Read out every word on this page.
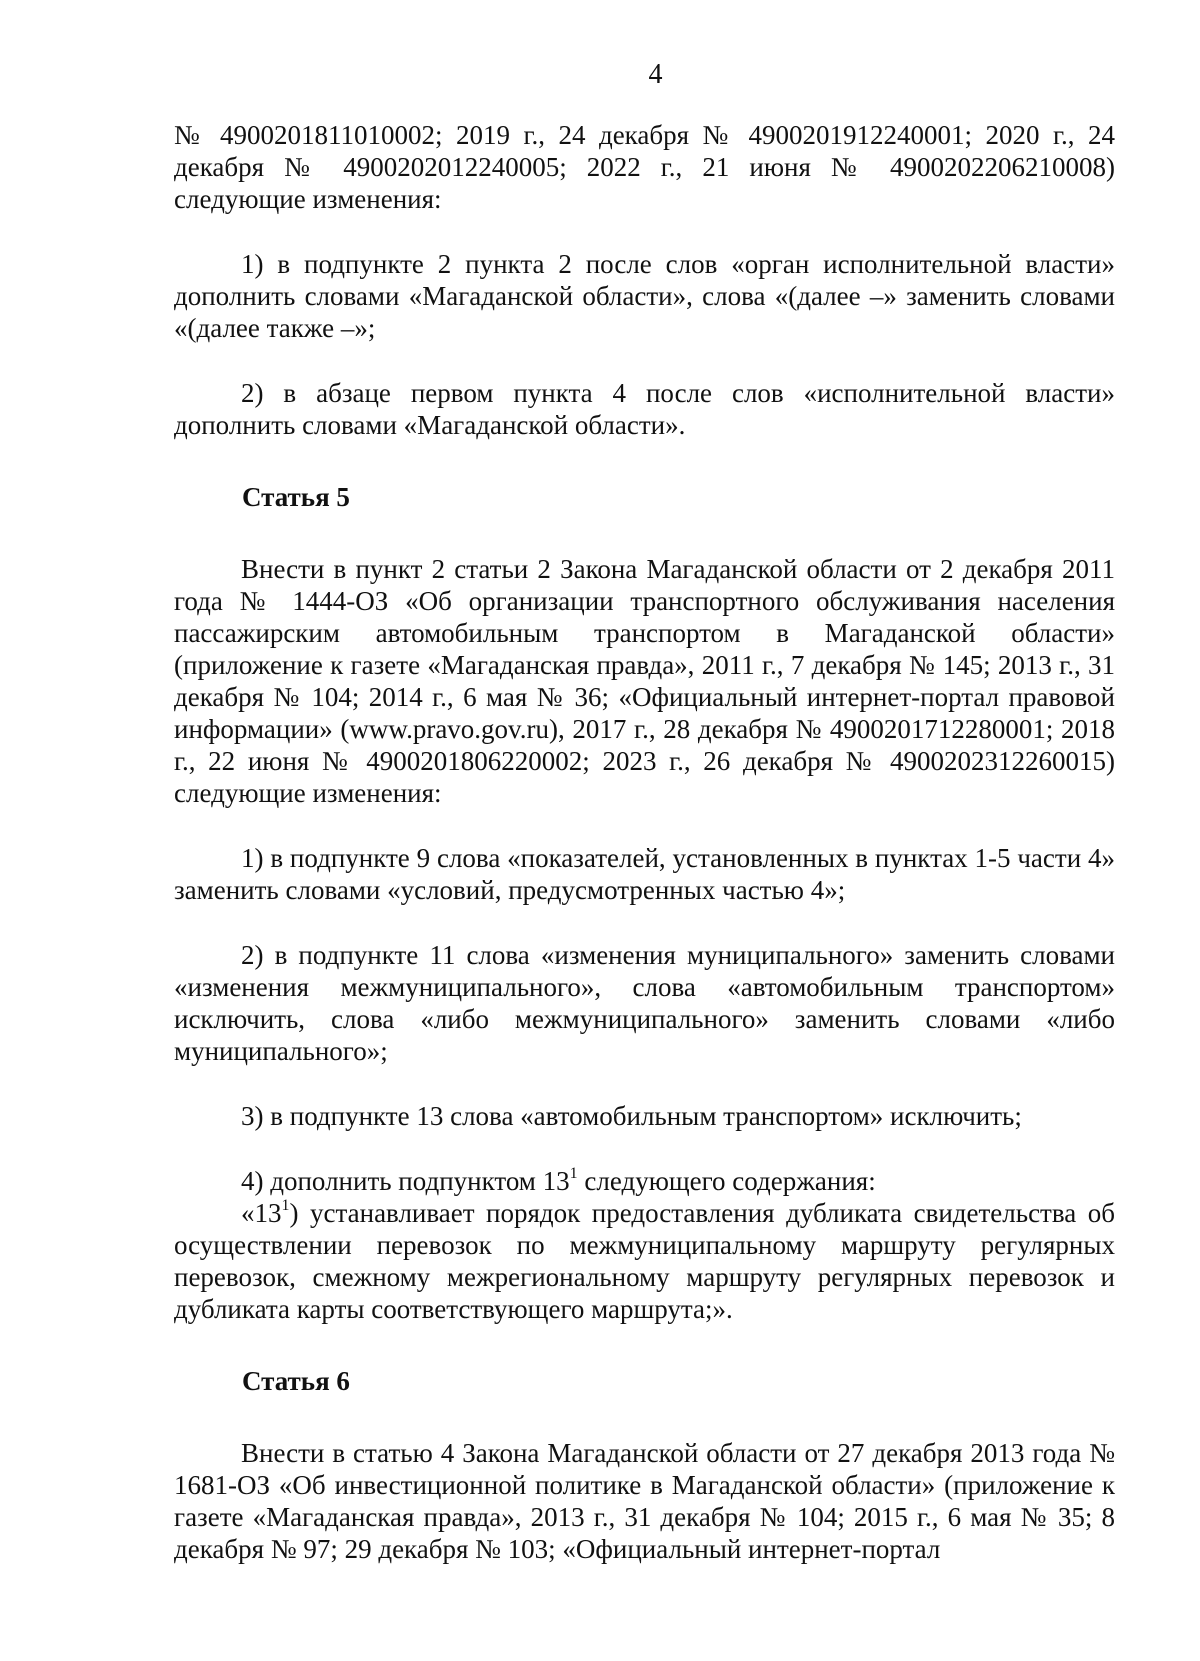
4

№ 4900201811010002; 2019 г., 24 декабря № 4900201912240001; 2020 г., 24 декабря № 4900202012240005; 2022 г., 21 июня № 4900202206210008) следующие изменения:

1) в подпункте 2 пункта 2 после слов «орган исполнительной власти» дополнить словами «Магаданской области», слова «(далее –» заменить словами «(далее также –»;

2) в абзаце первом пункта 4 после слов «исполнительной власти» дополнить словами «Магаданской области».

Статья 5

Внести в пункт 2 статьи 2 Закона Магаданской области от 2 декабря 2011 года № 1444-ОЗ «Об организации транспортного обслуживания населения пассажирским автомобильным транспортом в Магаданской области» (приложение к газете «Магаданская правда», 2011 г., 7 декабря № 145; 2013 г., 31 декабря № 104; 2014 г., 6 мая № 36; «Официальный интернет-портал правовой информации» (www.pravo.gov.ru), 2017 г., 28 декабря № 4900201712280001; 2018 г., 22 июня № 4900201806220002; 2023 г., 26 декабря № 4900202312260015) следующие изменения:

1) в подпункте 9 слова «показателей, установленных в пунктах 1-5 части 4» заменить словами «условий, предусмотренных частью 4»;

2) в подпункте 11 слова «изменения муниципального» заменить словами «изменения межмуниципального», слова «автомобильным транспортом» исключить, слова «либо межмуниципального» заменить словами «либо муниципального»;

3) в подпункте 13 слова «автомобильным транспортом» исключить;

4) дополнить подпунктом $13^1$ следующего содержания:

«$13^1$) устанавливает порядок предоставления дубликата свидетельства об осуществлении перевозок по межмуниципальному маршруту регулярных перевозок, смежному межрегиональному маршруту регулярных перевозок и дубликата карты соответствующего маршрута;».

Статья 6

Внести в статью 4 Закона Магаданской области от 27 декабря 2013 года № 1681-ОЗ «Об инвестиционной политике в Магаданской области» (приложение к газете «Магаданская правда», 2013 г., 31 декабря № 104; 2015 г., 6 мая № 35; 8 декабря № 97; 29 декабря № 103; «Официальный интернет-портал
